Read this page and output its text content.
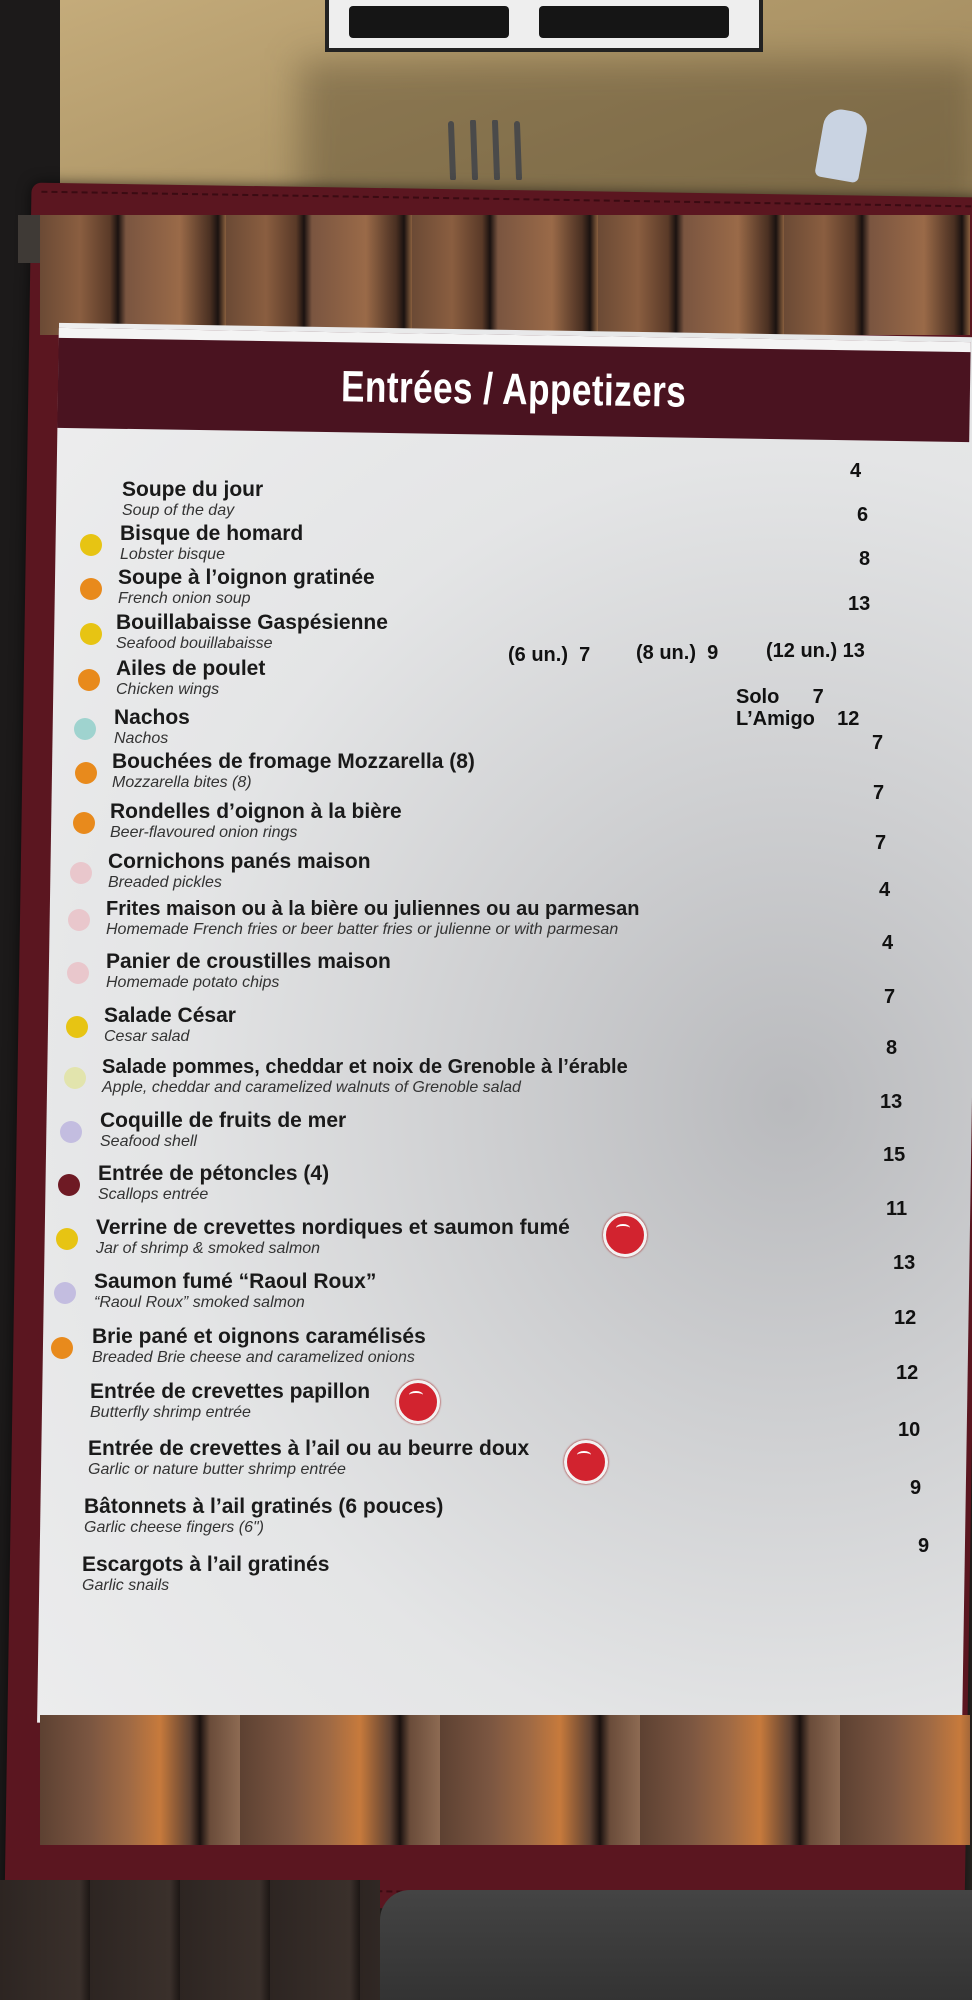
Entrées / Appetizers
Soupe du jour
Soup of the day
4
Bisque de homard
Lobster bisque
6
Soupe à l’oignon gratinée
French onion soup
8
Bouillabaisse Gaspésienne
Seafood bouillabaisse
13
Ailes de poulet
Chicken wings
(6 un.)  7 (8 un.)  9 (12 un.) 13
Nachos
Nachos
Solo      7
L’Amigo    12
Bouchées de fromage Mozzarella (8)
Mozzarella bites (8)
7
Rondelles d’oignon à la bière
Beer-flavoured onion rings
7
Cornichons panés maison
Breaded pickles
7
Frites maison ou à la bière ou juliennes ou au parmesan
Homemade French fries or beer batter fries or julienne or with parmesan
4
Panier de croustilles maison
Homemade potato chips
4
Salade César
Cesar salad
7
Salade pommes, cheddar et noix de Grenoble à l’érable
Apple, cheddar and caramelized walnuts of Grenoble salad
8
Coquille de fruits de mer
Seafood shell
13
Entrée de pétoncles (4)
Scallops entrée
15
Verrine de crevettes nordiques et saumon fumé
Jar of shrimp & smoked salmon
11
Saumon fumé “Raoul Roux”
“Raoul Roux” smoked salmon
13
Brie pané et oignons caramélisés
Breaded Brie cheese and caramelized onions
12
Entrée de crevettes papillon
Butterfly shrimp entrée
12
Entrée de crevettes à l’ail ou au beurre doux
Garlic or nature butter shrimp entrée
10
Bâtonnets à l’ail gratinés (6 pouces)
Garlic cheese fingers (6")
9
Escargots à l’ail gratinés
Garlic snails
9
